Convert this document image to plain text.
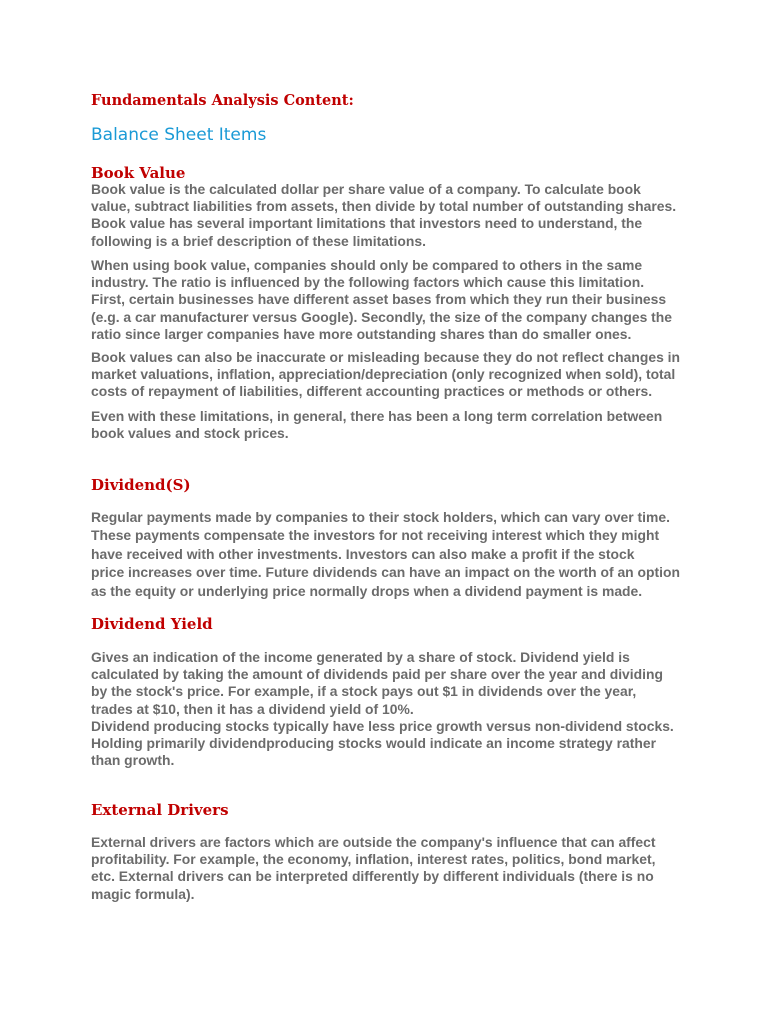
Fundamentals Analysis Content:
Balance Sheet Items
Book Value

Book value is the calculated dollar per share value of a company. To calculate book
value, subtract liabilities from assets, then divide by total number of outstanding shares.
Book value has several important limitations that investors need to understand, the
following is a brief description of these limitations.

When using book value, companies should only be compared to others in the same
industry. The ratio is influenced by the following factors which cause this limitation.
First, certain businesses have different asset bases from which they run their business
(e.g. a car manufacturer versus Google). Secondly, the size of the company changes the
ratio since larger companies have more outstanding shares than do smaller ones.

Book values can also be inaccurate or misleading because they do not reflect changes in
market valuations, inflation, appreciation/depreciation (only recognized when sold), total
costs of repayment of liabilities, different accounting practices or methods or others.

Even with these limitations, in general, there has been a long term correlation between
book values and stock prices.

Dividend(S)

Regular payments made by companies to their stock holders, which can vary over time.
These payments compensate the investors for not receiving interest which they might
have received with other investments. Investors can also make a profit if the stock
price increases over time. Future dividends can have an impact on the worth of an option
as the equity or underlying price normally drops when a dividend payment is made.

Dividend Yield

Gives an indication of the income generated by a share of stock. Dividend yield is
calculated by taking the amount of dividends paid per share over the year and dividing
by the stock's price. For example, if a stock pays out $1 in dividends over the year,
trades at $10, then it has a dividend yield of 10%.
Dividend producing stocks typically have less price growth versus non-dividend stocks.
Holding primarily dividendproducing stocks would indicate an income strategy rather
than growth.

External Drivers

External drivers are factors which are outside the company's influence that can affect
profitability. For example, the economy, inflation, interest rates, politics, bond market,
etc. External drivers can be interpreted differently by different individuals (there is no
magic formula).
